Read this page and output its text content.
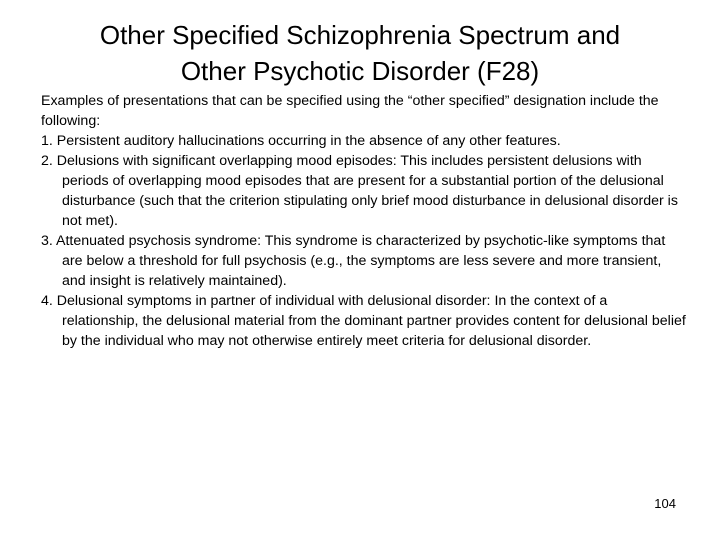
Other Specified Schizophrenia Spectrum and
Other Psychotic Disorder (F28)

Examples of presentations that can be specified using the “other specified” designation include the following:

1. Persistent auditory hallucinations occurring in the absence of any other features.
2. Delusions with significant overlapping mood episodes: This includes persistent delusions with periods of overlapping mood episodes that are present for a substantial portion of the delusional disturbance (such that the criterion stipulating only brief mood disturbance in delusional disorder is not met).
3. Attenuated psychosis syndrome: This syndrome is characterized by psychotic-like symptoms that are below a threshold for full psychosis (e.g., the symptoms are less severe and more transient, and insight is relatively maintained).
4. Delusional symptoms in partner of individual with delusional disorder: In the context of a relationship, the delusional material from the dominant partner provides content for delusional belief by the individual who may not otherwise entirely meet criteria for delusional disorder.
104
